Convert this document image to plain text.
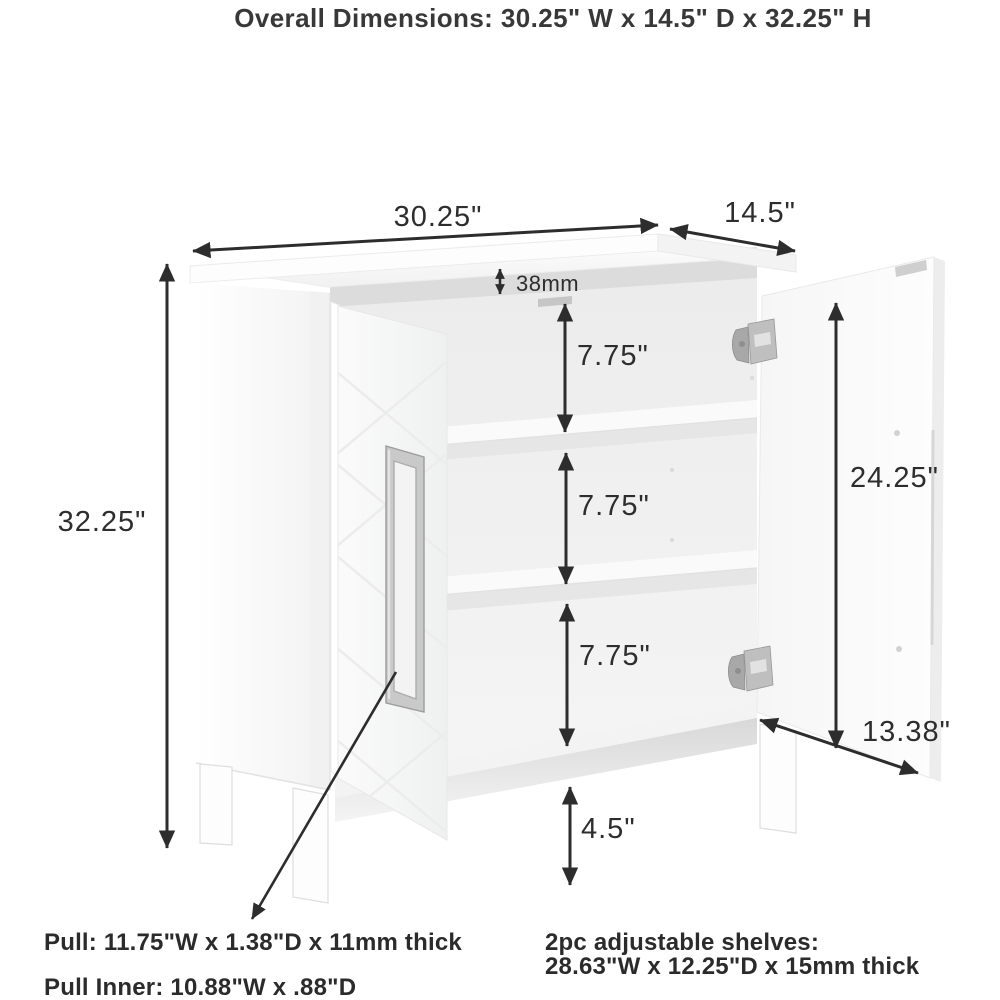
30.25"	14.5"
32.25"
38mm
7.75"
7.75"
7.75"
24.25"
13.38"
4.5"
Overall Dimensions: 30.25" W x 14.5" D x 32.25" H
Pull: 11.75"W x 1.38"D x 11mm thick
Pull Inner: 10.88"W x .88"D
2pc adjustable shelves:
28.63"W x 12.25"D x 15mm thick
